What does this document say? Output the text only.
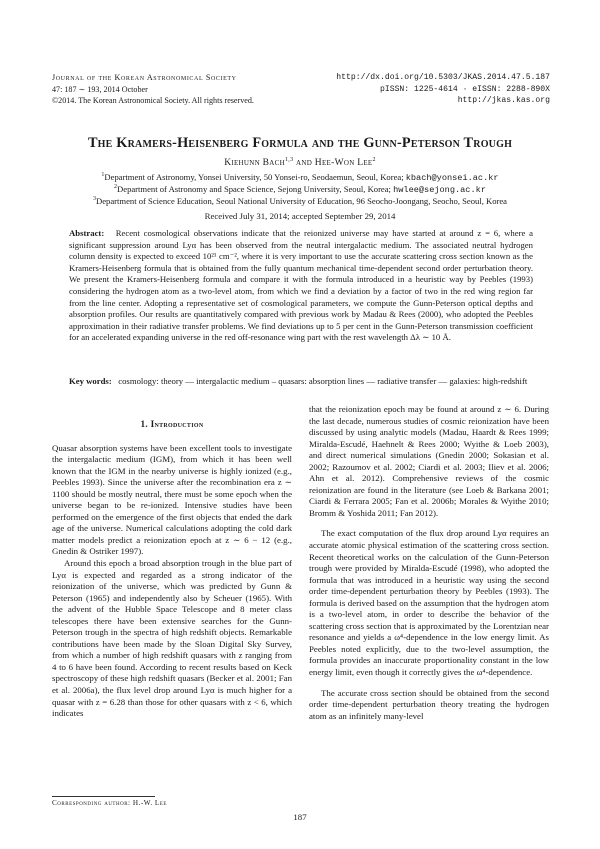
Journal of the Korean Astronomical Society
47: 187 ∼ 193, 2014 October
©2014. The Korean Astronomical Society. All rights reserved.
http://dx.doi.org/10.5303/JKAS.2014.47.5.187
pISSN: 1225-4614 · eISSN: 2288-890X
http://jkas.kas.org
The Kramers-Heisenberg Formula and the Gunn-Peterson Trough
Kiehunn Bach$^{1,3}$ and Hee-Won Lee$^2$
$^1$Department of Astronomy, Yonsei University, 50 Yonsei-ro, Seodaemun, Seoul, Korea; kbach@yonsei.ac.kr
$^2$Department of Astronomy and Space Science, Sejong University, Seoul, Korea; hwlee@sejong.ac.kr
$^3$Department of Science Education, Seoul National University of Education, 96 Seocho-Joongang, Seocho, Seoul, Korea
Received July 31, 2014; accepted September 29, 2014
Abstract: Recent cosmological observations indicate that the reionized universe may have started at around z = 6, where a significant suppression around Lyα has been observed from the neutral intergalactic medium. The associated neutral hydrogen column density is expected to exceed 10²¹ cm⁻², where it is very important to use the accurate scattering cross section known as the Kramers-Heisenberg formula that is obtained from the fully quantum mechanical time-dependent second order perturbation theory. We present the Kramers-Heisenberg formula and compare it with the formula introduced in a heuristic way by Peebles (1993) considering the hydrogen atom as a two-level atom, from which we find a deviation by a factor of two in the red wing region far from the line center. Adopting a representative set of cosmological parameters, we compute the Gunn-Peterson optical depths and absorption profiles. Our results are quantitatively compared with previous work by Madau & Rees (2000), who adopted the Peebles approximation in their radiative transfer problems. We find deviations up to 5 per cent in the Gunn-Peterson transmission coefficient for an accelerated expanding universe in the red off-resonance wing part with the rest wavelength Δλ ∼ 10 Å.
Key words: cosmology: theory — intergalactic medium – quasars: absorption lines — radiative transfer — galaxies: high-redshift
1. Introduction

Quasar absorption systems have been excellent tools to investigate the intergalactic medium (IGM), from which it has been well known that the IGM in the nearby universe is highly ionized (e.g., Peebles 1993). Since the universe after the recombination era z ∼ 1100 should be mostly neutral, there must be some epoch when the universe began to be re-ionized. Intensive studies have been performed on the emergence of the first objects that ended the dark age of the universe. Numerical calculations adopting the cold dark matter models predict a reionization epoch at z ∼ 6 − 12 (e.g., Gnedin & Ostriker 1997).

Around this epoch a broad absorption trough in the blue part of Lyα is expected and regarded as a strong indicator of the reionization of the universe, which was predicted by Gunn & Peterson (1965) and independently also by Scheuer (1965). With the advent of the Hubble Space Telescope and 8 meter class telescopes there have been extensive searches for the Gunn-Peterson trough in the spectra of high redshift objects. Remarkable contributions have been made by the Sloan Digital Sky Survey, from which a number of high redshift quasars with z ranging from 4 to 6 have been found. According to recent results based on Keck spectroscopy of these high redshift quasars (Becker et al. 2001; Fan et al. 2006a), the flux level drop around Lyα is much higher for a quasar with z = 6.28 than those for other quasars with z < 6, which indicates

that the reionization epoch may be found at around z ∼ 6. During the last decade, numerous studies of cosmic reionization have been discussed by using analytic models (Madau, Haardt & Rees 1999; Miralda-Escudé, Haehnelt & Rees 2000; Wyithe & Loeb 2003), and direct numerical simulations (Gnedin 2000; Sokasian et al. 2002; Razoumov et al. 2002; Ciardi et al. 2003; Iliev et al. 2006; Ahn et al. 2012). Comprehensive reviews of the cosmic reionization are found in the literature (see Loeb & Barkana 2001; Ciardi & Ferrara 2005; Fan et al. 2006b; Morales & Wyithe 2010; Bromm & Yoshida 2011; Fan 2012).

The exact computation of the flux drop around Lyα requires an accurate atomic physical estimation of the scattering cross section. Recent theoretical works on the calculation of the Gunn-Peterson trough were provided by Miralda-Escudé (1998), who adopted the formula that was introduced in a heuristic way using the second order time-dependent perturbation theory by Peebles (1993). The formula is derived based on the assumption that the hydrogen atom is a two-level atom, in order to describe the behavior of the scattering cross section that is approximated by the Lorentzian near resonance and yields a ω⁴-dependence in the low energy limit. As Peebles noted explicitly, due to the two-level assumption, the formula provides an inaccurate proportionality constant in the low energy limit, even though it correctly gives the ω⁴-dependence.

The accurate cross section should be obtained from the second order time-dependent perturbation theory treating the hydrogen atom as an infinitely many-level

Corresponding author: H.-W. Lee
187
